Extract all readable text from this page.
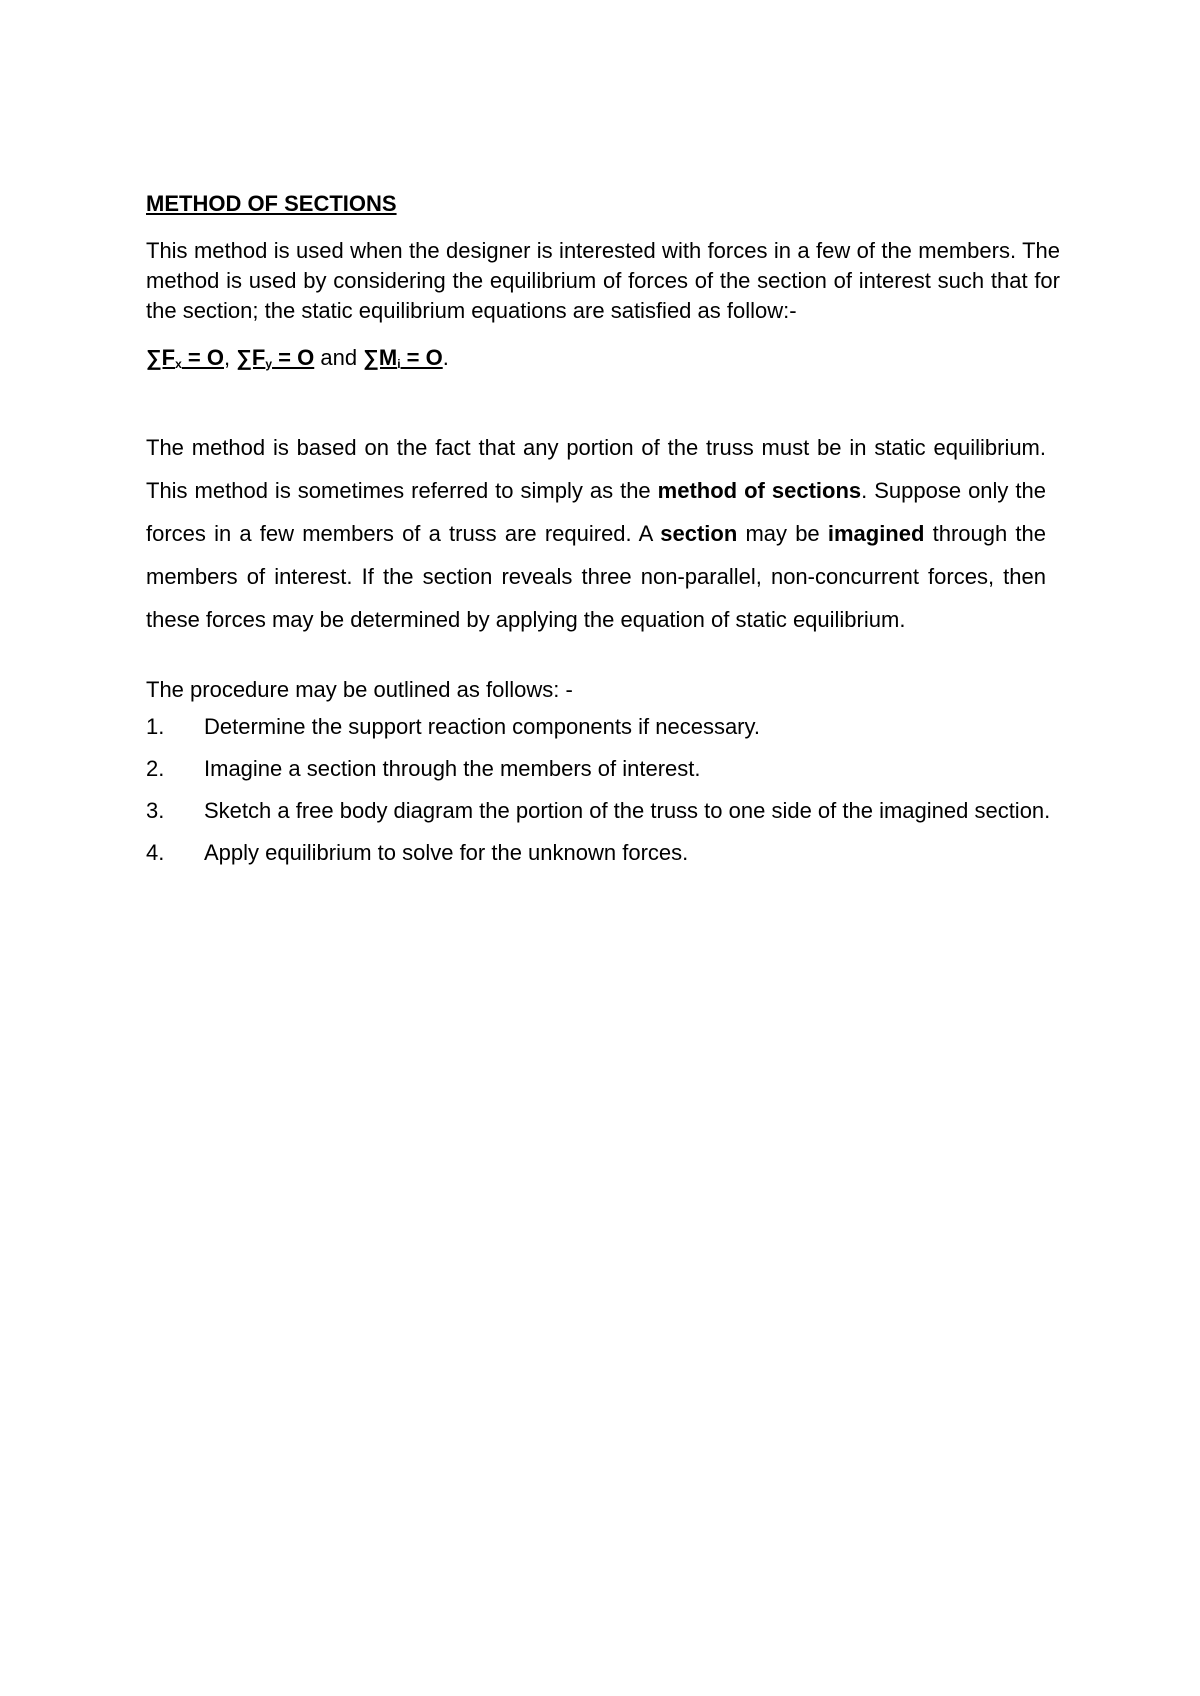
METHOD OF SECTIONS

This method is used when the designer is interested with forces in a few of the members. The method is used by considering the equilibrium of forces of the section of interest such that for the section; the static equilibrium equations are satisfied as follow:-

$\sum F_x = O$, $\sum F_y = O$ and $\sum M_i = O$.

The method is based on the fact that any portion of the truss must be in static equilibrium. This method is sometimes referred to simply as the method of sections. Suppose only the forces in a few members of a truss are required. A section may be imagined through the members of interest. If the section reveals three non-parallel, non-concurrent forces, then these forces may be determined by applying the equation of static equilibrium.

The procedure may be outlined as follows: -
1.	Determine the support reaction components if necessary.
2.	Imagine a section through the members of interest.
3.	Sketch a free body diagram the portion of the truss to one side of the imagined section.
4.	Apply equilibrium to solve for the unknown forces.
